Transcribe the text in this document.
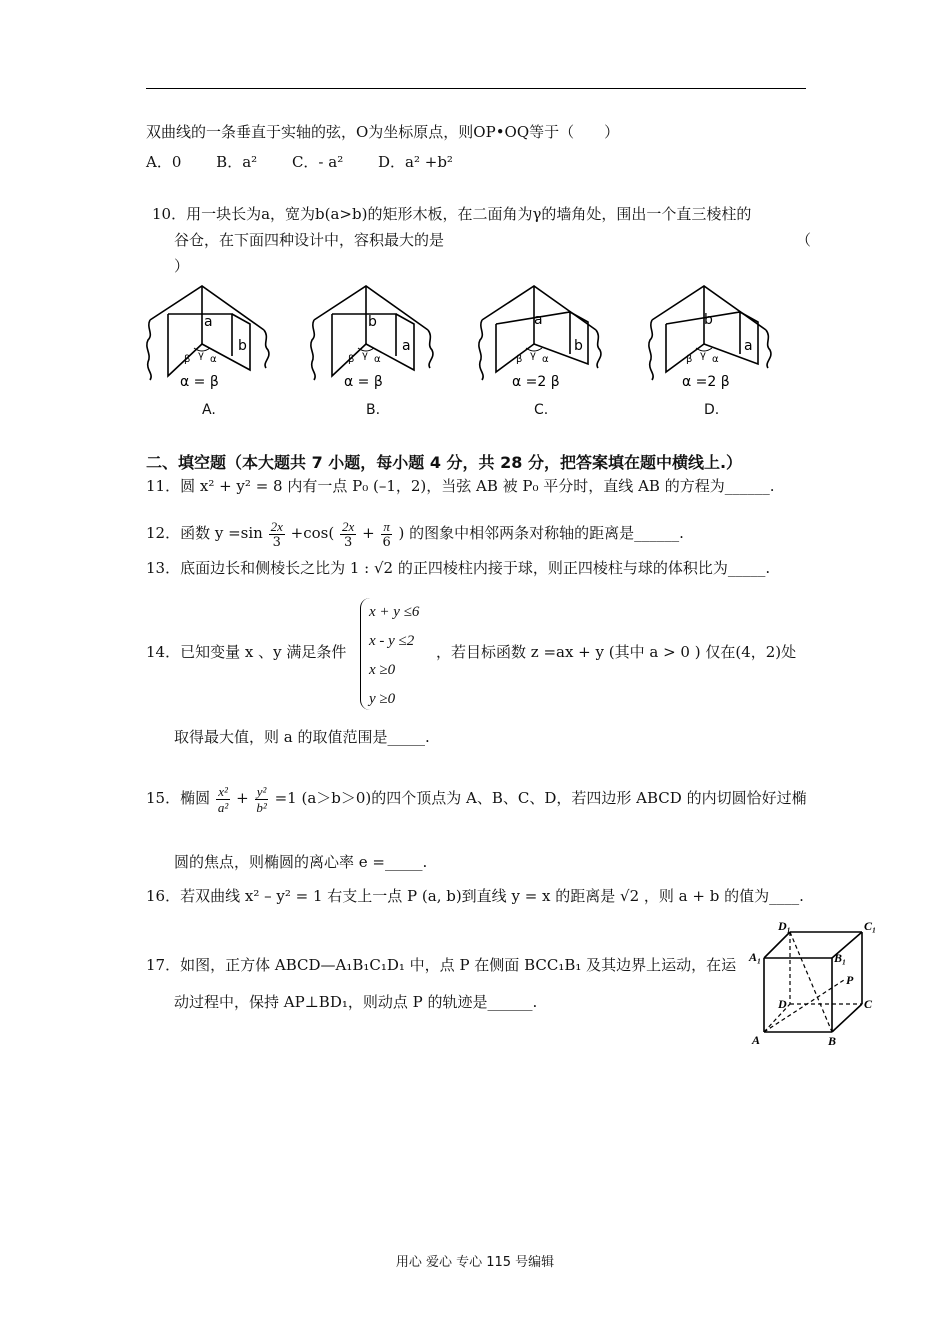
双曲线的一条垂直于实轴的弦，O为坐标原点，则OP•OQ等于（　　）
A．0 B．a² C．- a² D．a² +b²
10．用一块长为a，宽为b(a>b)的矩形木板，在二面角为γ的墙角处，围出一个直三棱柱的
谷仓，在下面四种设计中，容积最大的是	（
）
a
b
β γ α
α = β
A.
b
a
β γ α
α = β
B.
a
b
β γ α
α =2 β
C.
b
a
β γ α
α =2 β
D.
二、填空题（本大题共 7 小题，每小题 4 分，共 28 分，把答案填在题中横线上.）
11．圆 x² + y² = 8 内有一点 P₀ (–1，2)，当弦 AB 被 P₀ 平分时，直线 AB 的方程为______.
12．函数 $y =\sin \frac{2x}{3} +\cos( \frac{2x}{3} + \frac{\pi}{6}$ ) 的图象中相邻两条对称轴的距离是______.
13．底面边长和侧棱长之比为 1 : √2 的正四棱柱内接于球，则正四棱柱与球的体积比为_____.
14．已知变量 x 、y 满足条件
x + y ≤6
x - y ≤2
x ≥0
y ≥0
，若目标函数 z =ax + y (其中 a > 0 ) 仅在(4，2)处
取得最大值，则 a 的取值范围是_____.
15．椭圆 $\frac{\text{x²}}{\text{a²}} + \frac{\text{y²}}{\text{b²}} =1$ (a＞b＞0)的四个顶点为 A、B、C、D，若四边形 ABCD 的内切圆恰好过椭
圆的焦点，则椭圆的离心率 e =_____.
16．若双曲线 x² – y² = 1 右支上一点 P (a, b)到直线 y = x 的距离是 √2 ，则 a + b 的值为____.
17．如图，正方体 ABCD—A₁B₁C₁D₁ 中，点 P 在侧面 BCC₁B₁ 及其边界上运动，在运
动过程中，保持 AP⊥BD₁，则动点 P 的轨迹是______.
D₁	C₁
A₁	B₁
P
D	C
A	B
用心 爱心 专心 115 号编辑
